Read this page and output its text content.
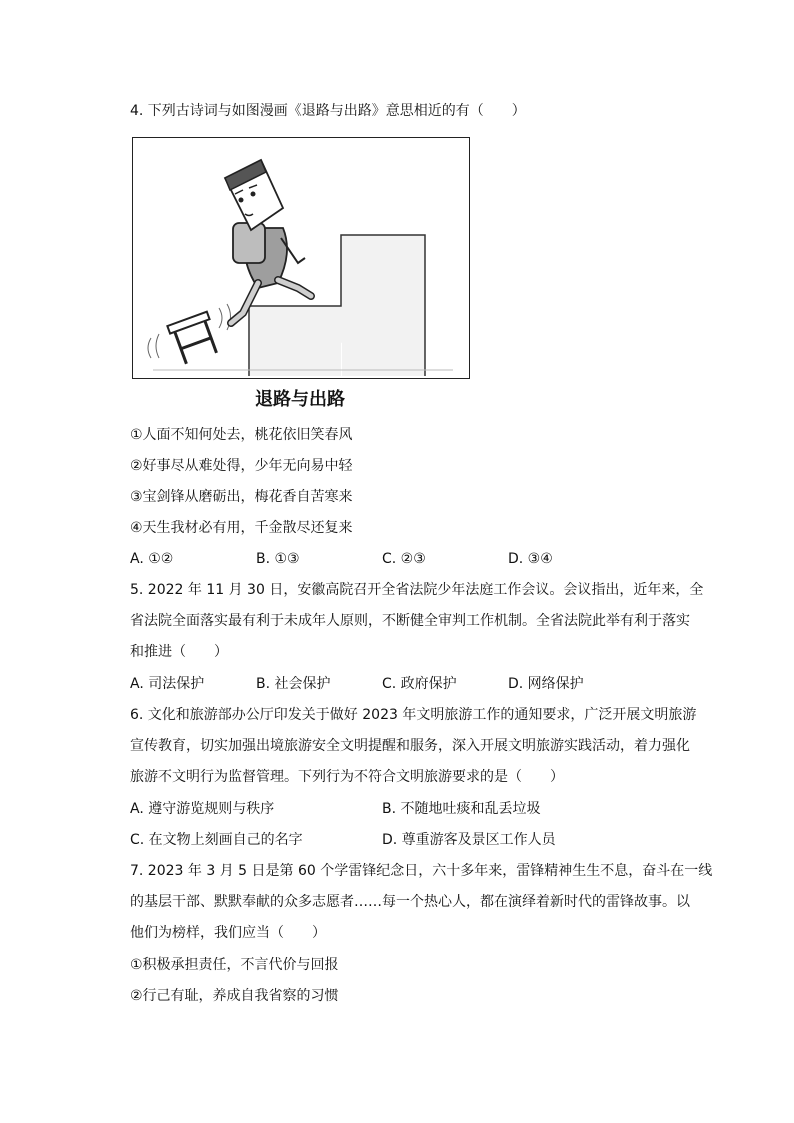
4. 下列古诗词与如图漫画《退路与出路》意思相近的有（　　）
退路与出路
①人面不知何处去，桃花依旧笑春风
②好事尽从难处得，少年无向易中轻
③宝剑锋从磨砺出，梅花香自苦寒来
④天生我材必有用，千金散尽还复来
A. ①②	B. ①③	C. ②③	D. ③④
5. 2022 年 11 月 30 日，安徽高院召开全省法院少年法庭工作会议。会议指出，近年来，全
省法院全面落实最有利于未成年人原则，不断健全审判工作机制。全省法院此举有利于落实
和推进（　　）
A. 司法保护	B. 社会保护	C. 政府保护	D. 网络保护
6. 文化和旅游部办公厅印发关于做好 2023 年文明旅游工作的通知要求，广泛开展文明旅游
宣传教育，切实加强出境旅游安全文明提醒和服务，深入开展文明旅游实践活动，着力强化
旅游不文明行为监督管理。下列行为不符合文明旅游要求的是（　　）
A. 遵守游览规则与秩序	B. 不随地吐痰和乱丢垃圾
C. 在文物上刻画自己的名字	D. 尊重游客及景区工作人员
7. 2023 年 3 月 5 日是第 60 个学雷锋纪念日，六十多年来，雷锋精神生生不息，奋斗在一线
的基层干部、默默奉献的众多志愿者……每一个热心人，都在演绎着新时代的雷锋故事。以
他们为榜样，我们应当（　　）
①积极承担责任，不言代价与回报
②行己有耻，养成自我省察的习惯
